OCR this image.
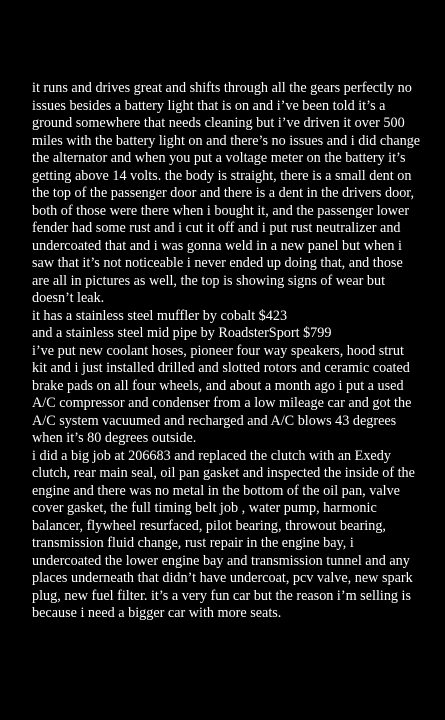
it runs and drives great and shifts through all the gears perfectly no issues besides a battery light that is on and i’ve been told it’s a ground somewhere that needs cleaning but i’ve driven it over 500 miles with the battery light on and there’s no issues and i did change the alternator and when you put a voltage meter on the battery it’s getting above 14 volts. the body is straight, there is a small dent on the top of the passenger door and there is a dent in the drivers door, both of those were there when i bought it, and the passenger lower fender had some rust and i cut it off and i put rust neutralizer and undercoated that and i was gonna weld in a new panel but when i saw that it’s not noticeable i never ended up doing that, and those are all in pictures as well, the top is showing signs of wear but doesn’t leak.

it has a stainless steel muffler by cobalt $423

and a stainless steel mid pipe by RoadsterSport $799

i’ve put new coolant hoses, pioneer four way speakers, hood strut kit and i just installed drilled and slotted rotors and ceramic coated brake pads on all four wheels, and about a month ago i put a used A/C compressor and condenser from a low mileage car and got the A/C system vacuumed and recharged and A/C blows 43 degrees when it’s 80 degrees outside.

i did a big job at 206683 and replaced the clutch with an Exedy clutch, rear main seal, oil pan gasket and inspected the inside of the engine and there was no metal in the bottom of the oil pan, valve cover gasket, the full timing belt job , water pump, harmonic balancer, flywheel resurfaced, pilot bearing, throwout bearing, transmission fluid change, rust repair in the engine bay, i undercoated the lower engine bay and transmission tunnel and any places underneath that didn’t have undercoat, pcv valve, new spark plug, new fuel filter. it’s a very fun car but the reason i’m selling is because i need a bigger car with more seats.
